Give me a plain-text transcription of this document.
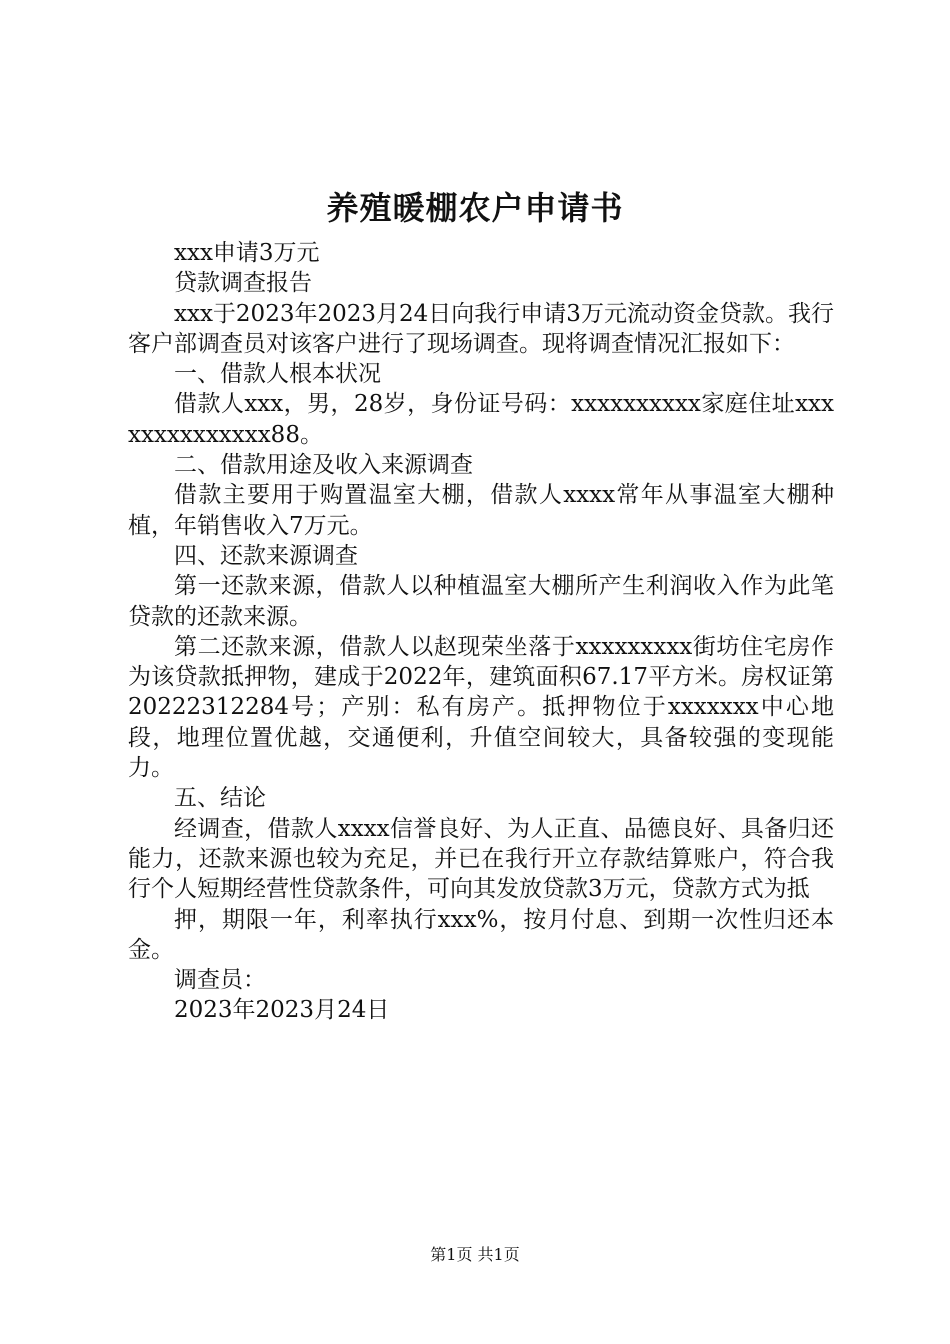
养殖暖棚农户申请书

xxx申请3万元

贷款调查报告

xxx于2023年2023月24日向我行申请3万元流动资金贷款。我行客户部调查员对该客户进行了现场调查。现将调查情况汇报如下：

一、借款人根本状况

借款人xxx，男，28岁，身份证号码：xxxxxxxxxx家庭住址xxxxxxxxxxxxxx88。

二、借款用途及收入来源调查

借款主要用于购置温室大棚，借款人xxxx常年从事温室大棚种植，年销售收入7万元。

四、还款来源调查

第一还款来源，借款人以种植温室大棚所产生利润收入作为此笔贷款的还款来源。

第二还款来源，借款人以赵现荣坐落于xxxxxxxxx街坊住宅房作为该贷款抵押物，建成于2022年，建筑面积67.17平方米。房权证第20222312284号；产别：私有房产。抵押物位于xxxxxxx中心地段，地理位置优越，交通便利，升值空间较大，具备较强的变现能力。

五、结论

经调查，借款人xxxx信誉良好、为人正直、品德良好、具备归还能力，还款来源也较为充足，并已在我行开立存款结算账户，符合我行个人短期经营性贷款条件，可向其发放贷款3万元，贷款方式为抵

押，期限一年，利率执行xxx%，按月付息、到期一次性归还本金。

调查员：

2023年2023月24日

第1页 共1页
